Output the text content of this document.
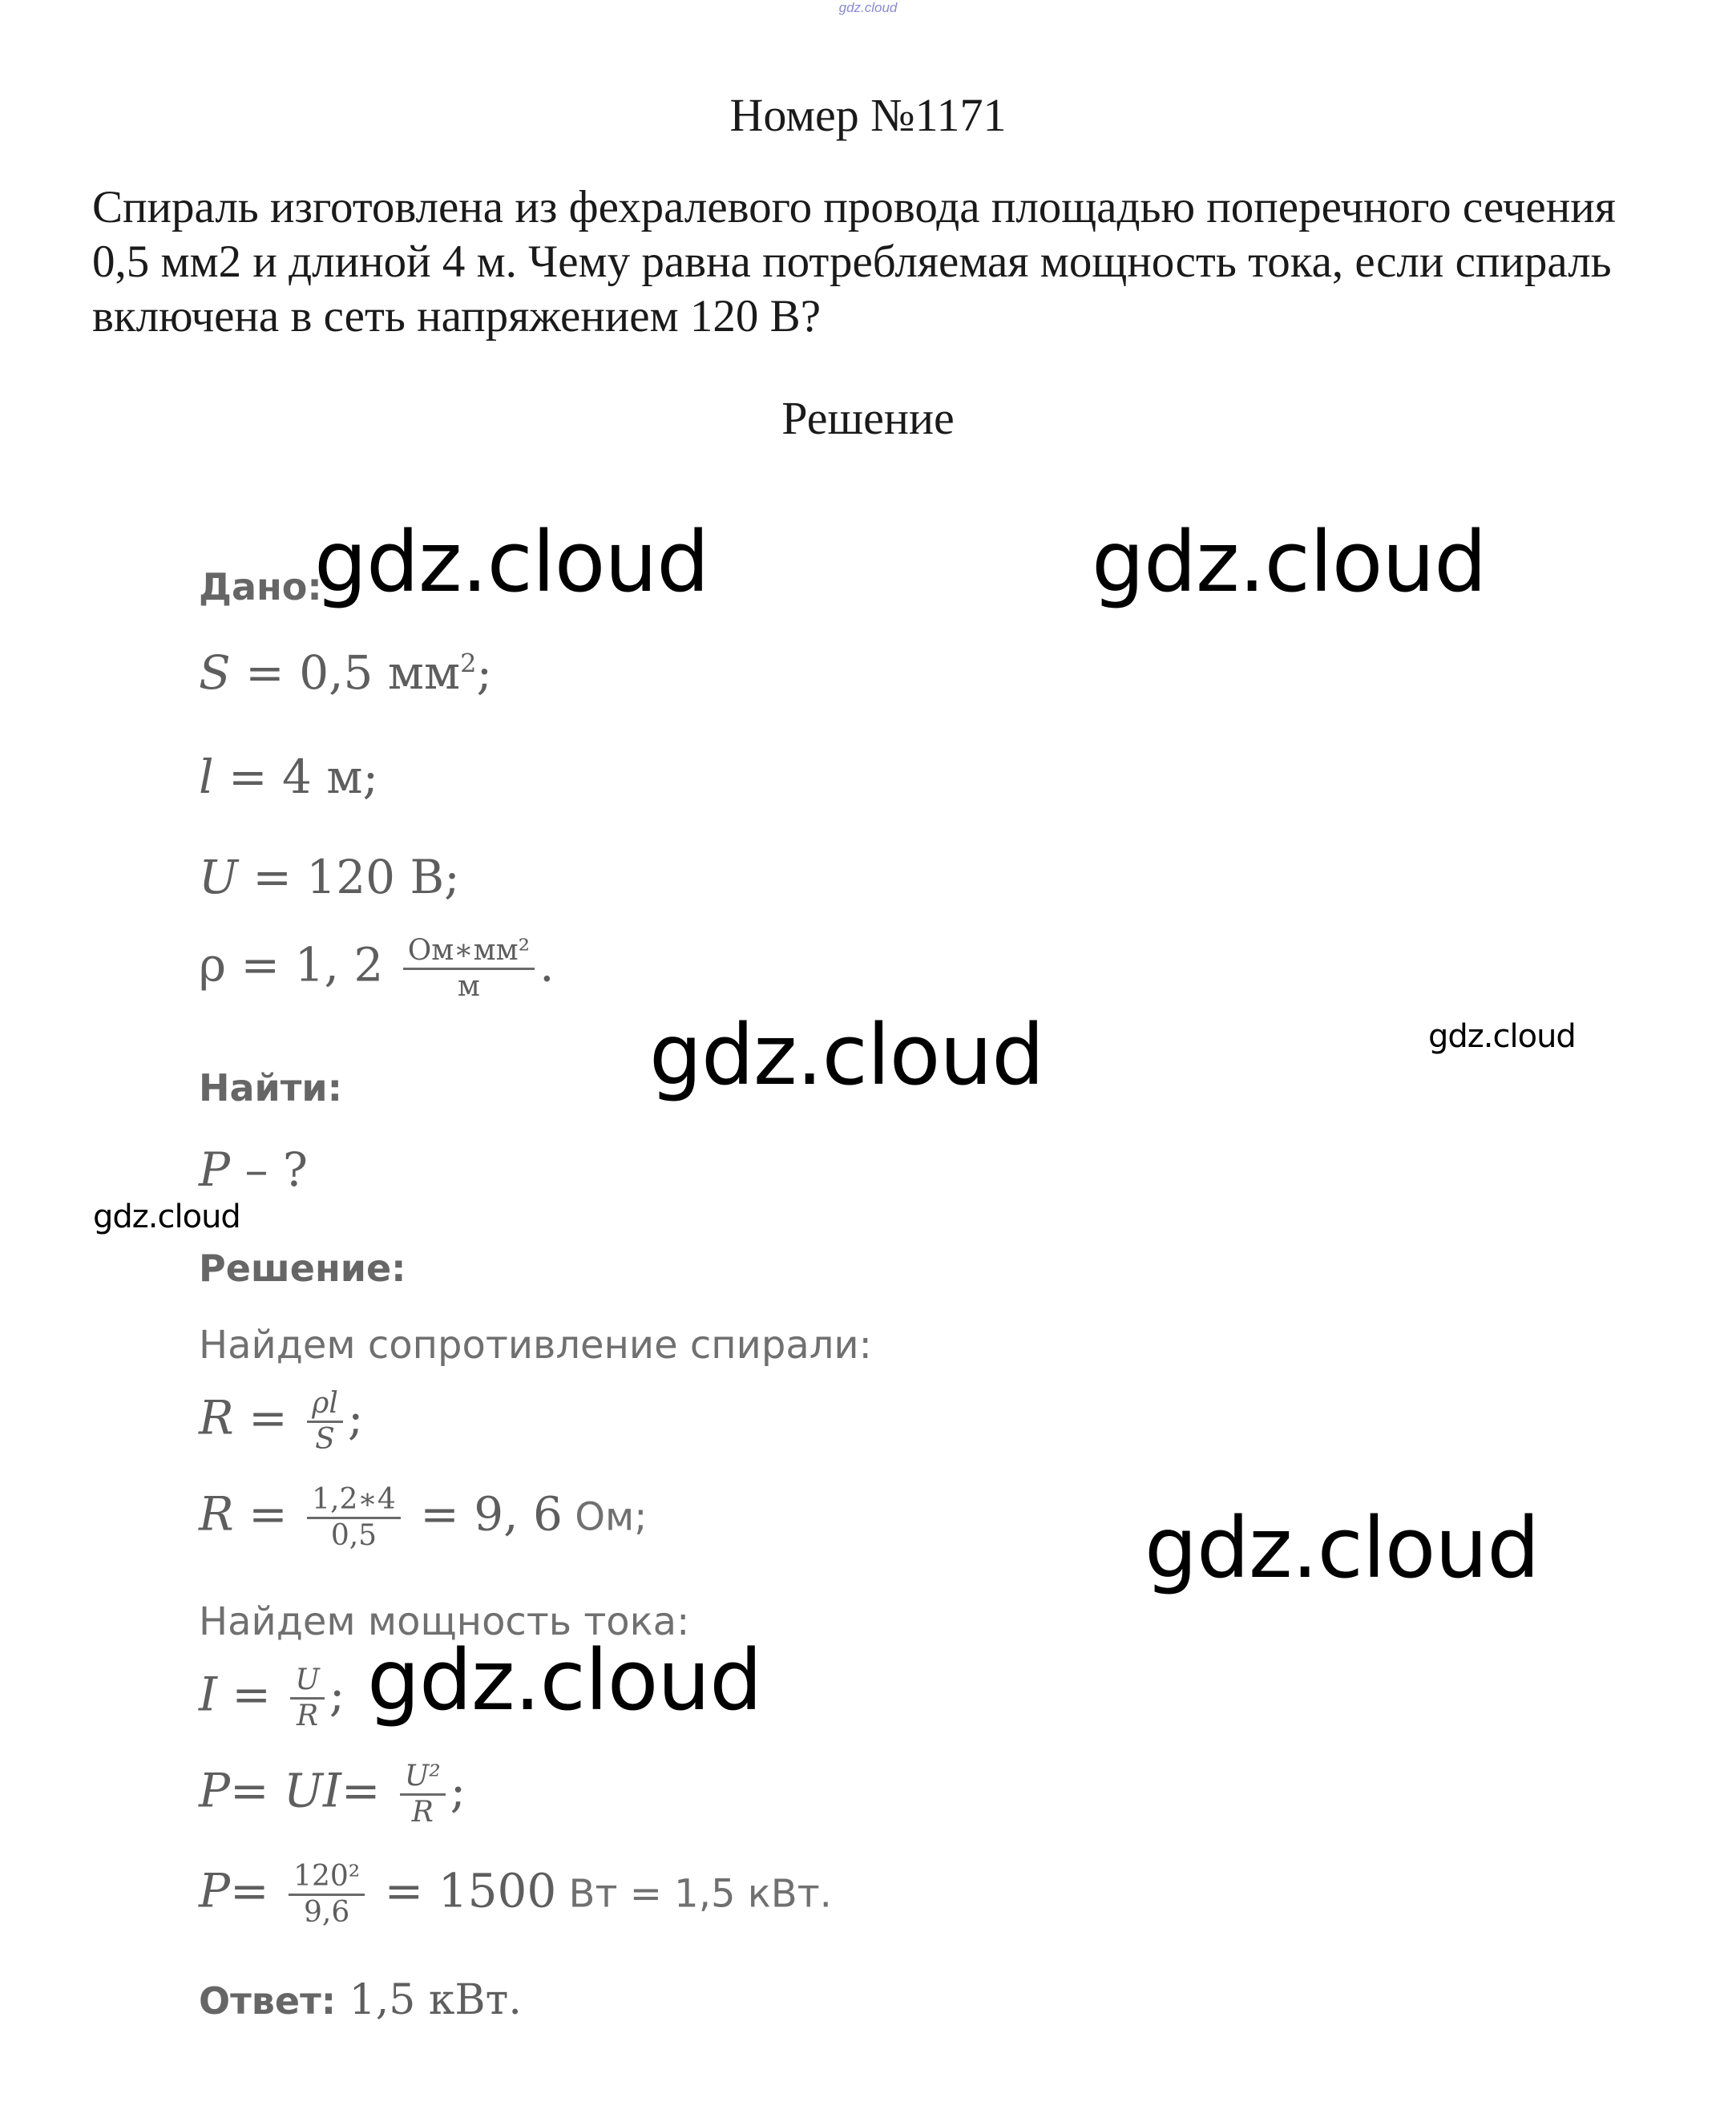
gdz.cloud
Номер №1171
Спираль изготовлена из фехралевого провода площадью поперечного сечения 0,5 мм2 и длиной 4 м. Чему равна потребляемая мощность тока, если спираль включена в сеть напряжением 120 В?
Решение
Дано:
S = 0,5 $мм^2$;
l = 4 м;
U = 120 В;
ρ = 1, $2 \frac{\text{Ом∗мм²}}{м}$ .
Найти:
P – ?
Решение:
Найдем сопротивление спирали:
$R = \frac{\rho l}{S}$ ;
$R = \frac{1,2∗4}{0,5} = 9$, 6 Ом;
Найдем мощность тока:
$I = \frac{U}{R}$ ;
$P= UI= \frac{\text{U²}}{R}$ ;
$P= \frac{\text{120²}}{9,6} = 1500$ Вт = 1,5 кВт.
Ответ: 1,5 кВт.
gdz.cloud	gdz.cloud
gdz.cloud	gdz.cloud
gdz.cloud
gdz.cloud
gdz.cloud
